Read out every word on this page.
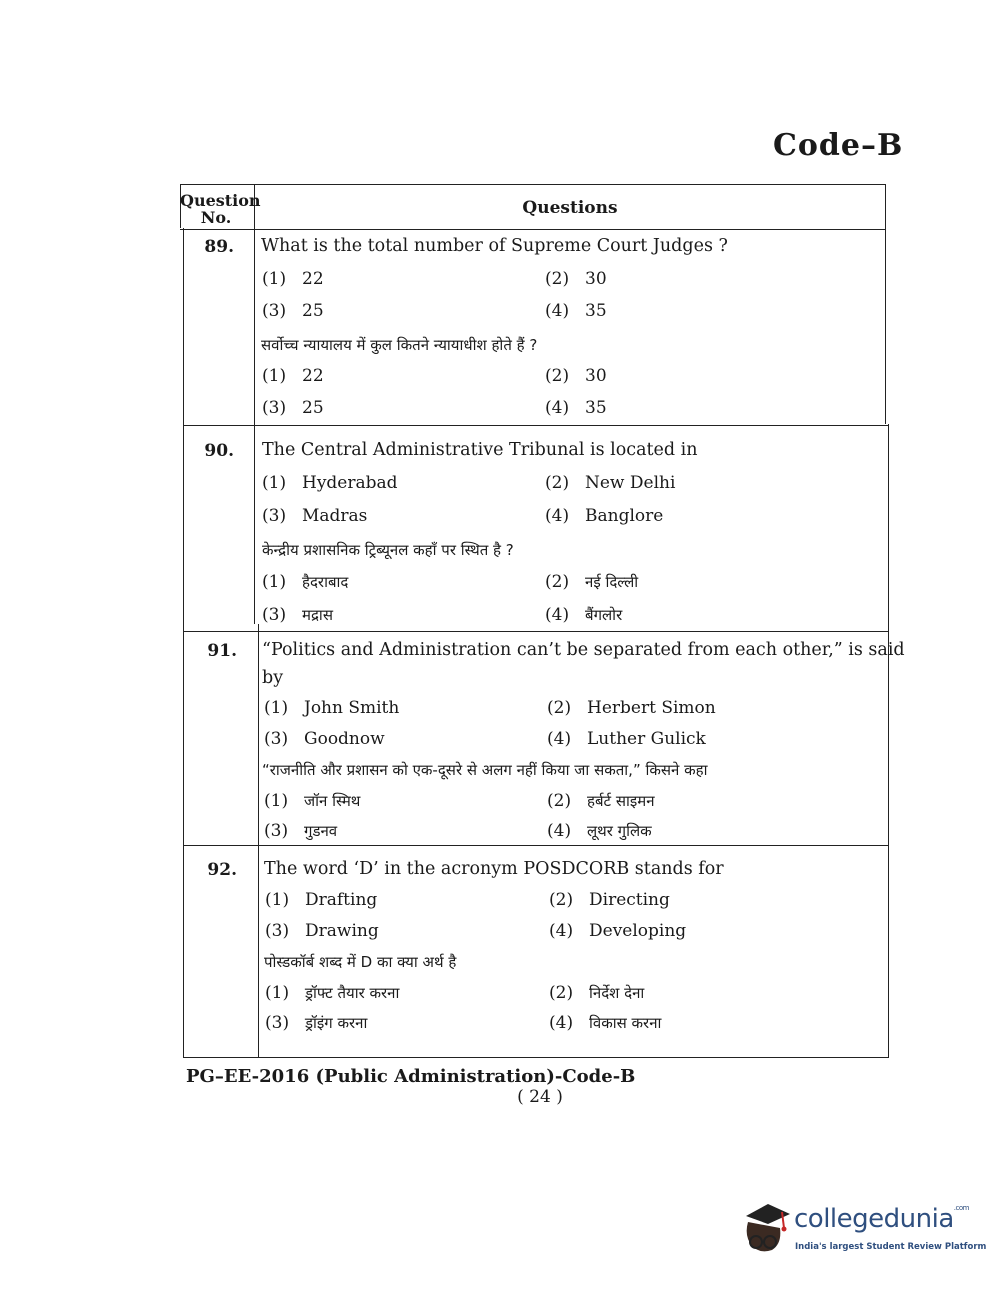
Code–B
Question No.	Questions
89. What is the total number of Supreme Court Judges ?
(1) 22	(2) 30
(3) 25	(4) 35
सर्वोच्च न्यायालय में कुल कितने न्यायाधीश होते हैं ?
(1) 22	(2) 30
(3) 25	(4) 35
90. The Central Administrative Tribunal is located in
(1) Hyderabad	(2) New Delhi
(3) Madras	(4) Banglore
केन्द्रीय प्रशासनिक ट्रिब्यूनल कहाँ पर स्थित है ?
(1) हैदराबाद	(2) नई दिल्ली
(3) मद्रास	(4) बैंगलोर
91. “Politics and Administration can’t be separated from each other,” is said
by
(1) John Smith	(2) Herbert Simon
(3) Goodnow	(4) Luther Gulick
“राजनीति और प्रशासन को एक-दूसरे से अलग नहीं किया जा सकता,” किसने कहा
(1) जॉन स्मिथ	(2) हर्बर्ट साइमन
(3) गुडनव	(4) लूथर गुलिक
92. The word ‘D’ in the acronym POSDCORB stands for
(1) Drafting	(2) Directing
(3) Drawing	(4) Developing
पोस्डकॉर्ब शब्द में D का क्या अर्थ है
(1) ड्रॉफ्ट तैयार करना	(2) निर्देश देना
(3) ड्रॉइंग करना	(4) विकास करना
PG–EE-2016 (Public Administration)-Code-B
( 24 )
collegedunia$^{.com}$
India's largest Student Review Platform
